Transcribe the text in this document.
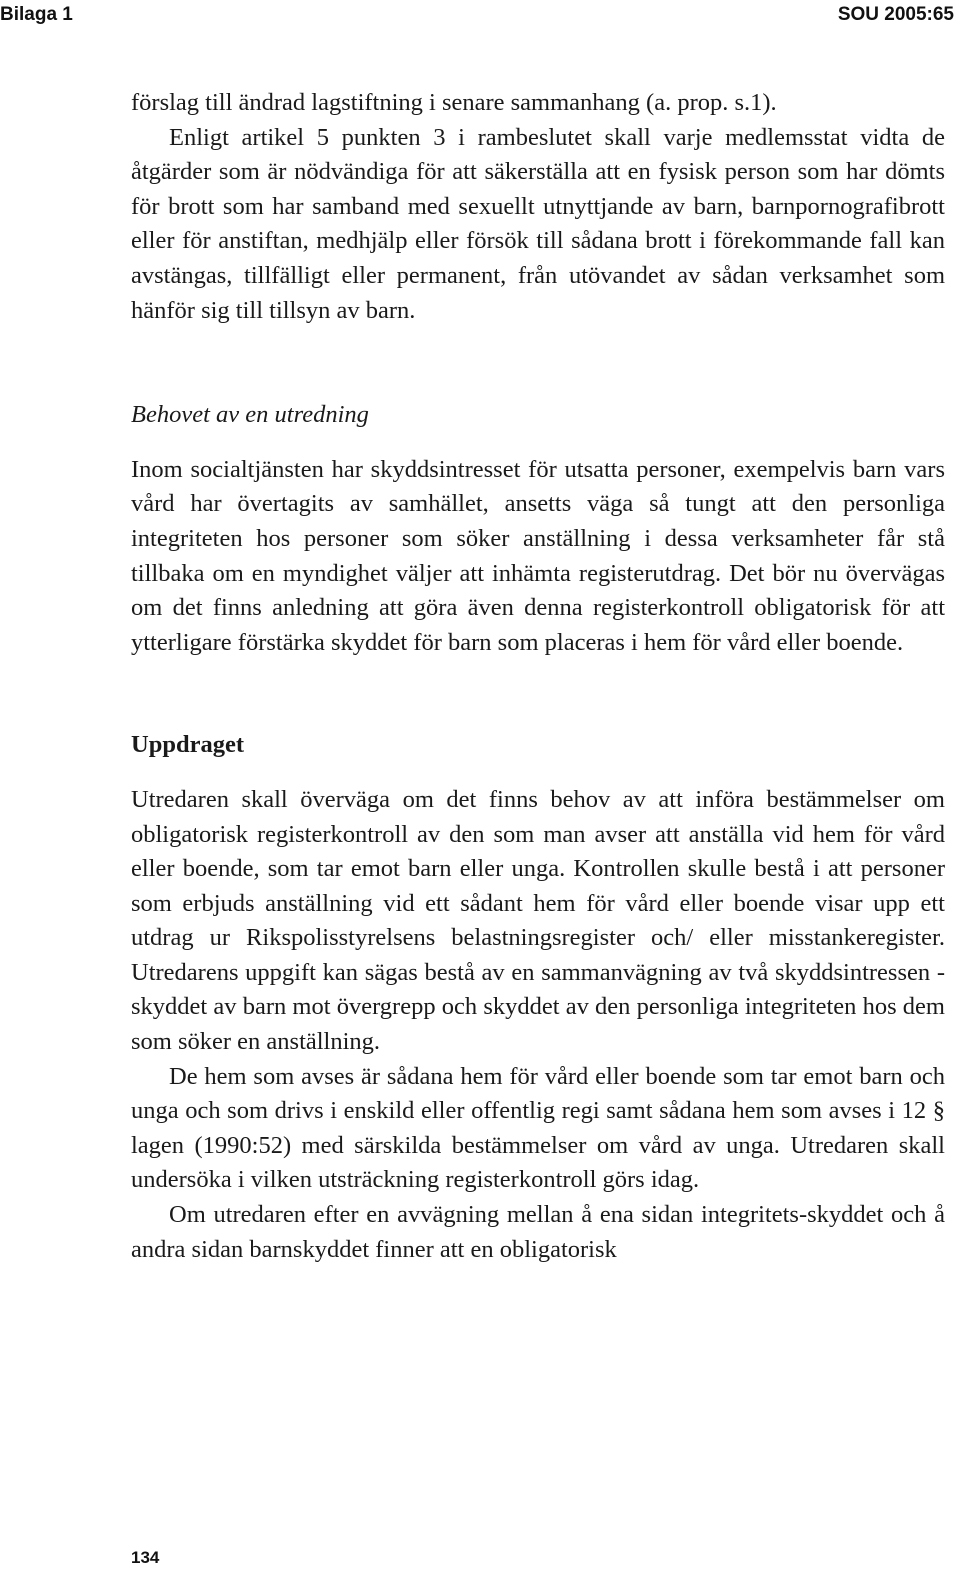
Bilaga 1	SOU 2005:65

förslag till ändrad lagstiftning i senare sammanhang (a. prop. s.1).

Enligt artikel 5 punkten 3 i rambeslutet skall varje medlemsstat vidta de åtgärder som är nödvändiga för att säkerställa att en fysisk person som har dömts för brott som har samband med sexuellt utnyttjande av barn, barnpornografibrott eller för anstiftan, medhjälp eller försök till sådana brott i förekommande fall kan avstängas, tillfälligt eller permanent, från utövandet av sådan verksamhet som hänför sig till tillsyn av barn.

Behovet av en utredning

Inom socialtjänsten har skyddsintresset för utsatta personer, exempelvis barn vars vård har övertagits av samhället, ansetts väga så tungt att den personliga integriteten hos personer som söker anställning i dessa verksamheter får stå tillbaka om en myndighet väljer att inhämta registerutdrag. Det bör nu övervägas om det finns anledning att göra även denna registerkontroll obligatorisk för att ytterligare förstärka skyddet för barn som placeras i hem för vård eller boende.

Uppdraget

Utredaren skall överväga om det finns behov av att införa bestämmelser om obligatorisk registerkontroll av den som man avser att anställa vid hem för vård eller boende, som tar emot barn eller unga. Kontrollen skulle bestå i att personer som erbjuds anställning vid ett sådant hem för vård eller boende visar upp ett utdrag ur Rikspolisstyrelsens belastningsregister och/ eller misstankeregister. Utredarens uppgift kan sägas bestå av en sammanvägning av två skyddsintressen - skyddet av barn mot övergrepp och skyddet av den personliga integriteten hos dem som söker en anställning.

De hem som avses är sådana hem för vård eller boende som tar emot barn och unga och som drivs i enskild eller offentlig regi samt sådana hem som avses i 12 § lagen (1990:52) med särskilda bestämmelser om vård av unga. Utredaren skall undersöka i vilken utsträckning registerkontroll görs idag.

Om utredaren efter en avvägning mellan å ena sidan integritets-skyddet och å andra sidan barnskyddet finner att en obligatorisk

134
